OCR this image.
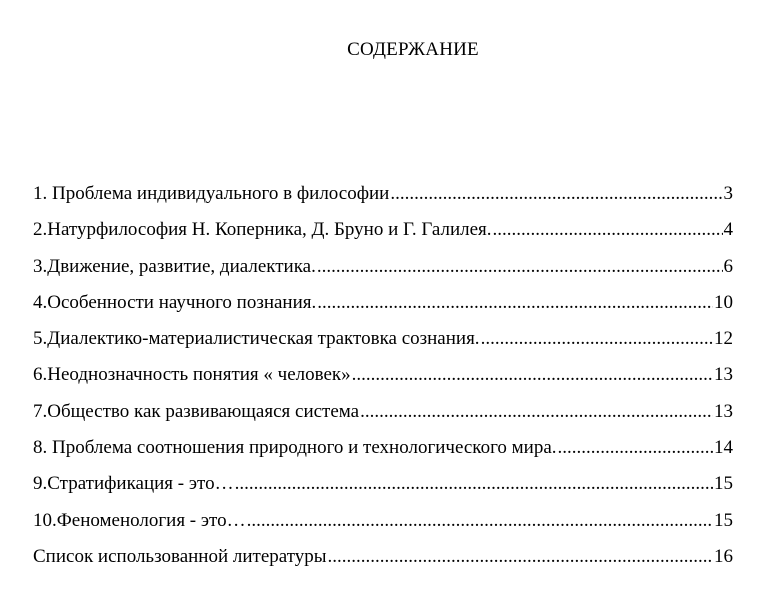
СОДЕРЖАНИЕ
1. Проблема индивидуального в философии .....	3
2.Натурфилософия Н. Коперника, Д. Бруно и Г. Галилея. .....	4
3.Движение, развитие, диалектика. .....	6
4.Особенности научного познания. .....	10
5.Диалектико-материалистическая трактовка сознания. .....	12
6.Неоднозначность понятия « человек» .....	13
7.Общество как развивающаяся система .....	13
8. Проблема соотношения природного и технологического мира. .....	14
9.Стратификация - это… .....	15
10.Феноменология - это… .....	15
Список использованной литературы .....	16
